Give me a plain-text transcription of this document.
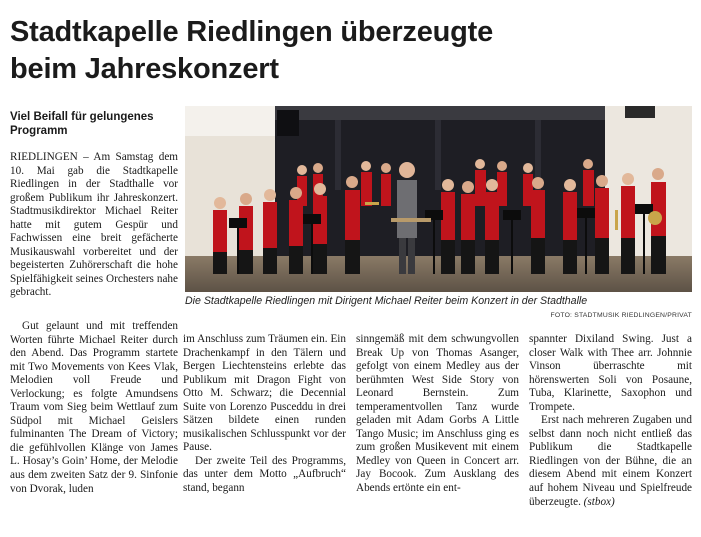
Stadtkapelle Riedlingen überzeugte
beim Jahreskonzert
Viel Beifall für gelungenes
Programm

RIEDLINGEN – Am Samstag dem 10. Mai gab die Stadtkapelle Riedlingen in der Stadthalle vor großem Publikum ihr Jahreskonzert. Stadtmusikdirektor Michael Reiter hatte mit gutem Gespür und Fachwissen eine breit gefächerte Musikauswahl vorbereitet und der begeisterten Zuhörerschaft die hohe Spielfähigkeit seines Orchesters nahe gebracht.

Gut gelaunt und mit treffenden Worten führte Michael Reiter durch den Abend. Das Programm startete mit Two Movements von Kees Vlak, Melodien voll Freude und Verlockung; es folgte Amundsens Traum vom Sieg beim Wettlauf zum Südpol mit Michael Geislers fulminanten The Dream of Victory; die gefühlvollen Klänge von James L. Hosay’s Goin’ Home, der Melodie aus dem zweiten Satz der 9. Sinfonie von Dvorak, luden

im Anschluss zum Träumen ein. Ein Drachenkampf in den Tälern und Bergen Liechtensteins erlebte das Publikum mit Dragon Fight von Otto M. Schwarz; die Decennial Suite von Lorenzo Pusceddu in drei Sätzen bildete einen runden musikalischen Schlusspunkt vor der Pause.

Der zweite Teil des Programms, das unter dem Motto „Aufbruch“ stand, begann

sinngemäß mit dem schwungvollen Break Up von Thomas Asanger, gefolgt von einem Medley aus der berühmten West Side Story von Leonard Bernstein. Zum temperamentvollen Tanz wurde geladen mit Adam Gorbs A Little Tango Music; im Anschluss ging es zum großen Musikevent mit einem Medley von Queen in Concert arr. Jay Bocook. Zum Ausklang des Abends ertönte ein ent-

spannter Dixiland Swing. Just a closer Walk with Thee arr. Johnnie Vinson überraschte mit hörenswerten Soli von Posaune, Tuba, Klarinette, Saxophon und Trompete.

Erst nach mehreren Zugaben und selbst dann noch nicht entließ das Publikum die Stadtkapelle Riedlingen von der Bühne, die an diesem Abend mit einem Konzert auf hohem Niveau und Spielfreude überzeugte. (stbox)

Die Stadtkapelle Riedlingen mit Dirigent Michael Reiter beim Konzert in der Stadthalle
FOTO: STADTMUSIK RIEDLINGEN/PRIVAT
